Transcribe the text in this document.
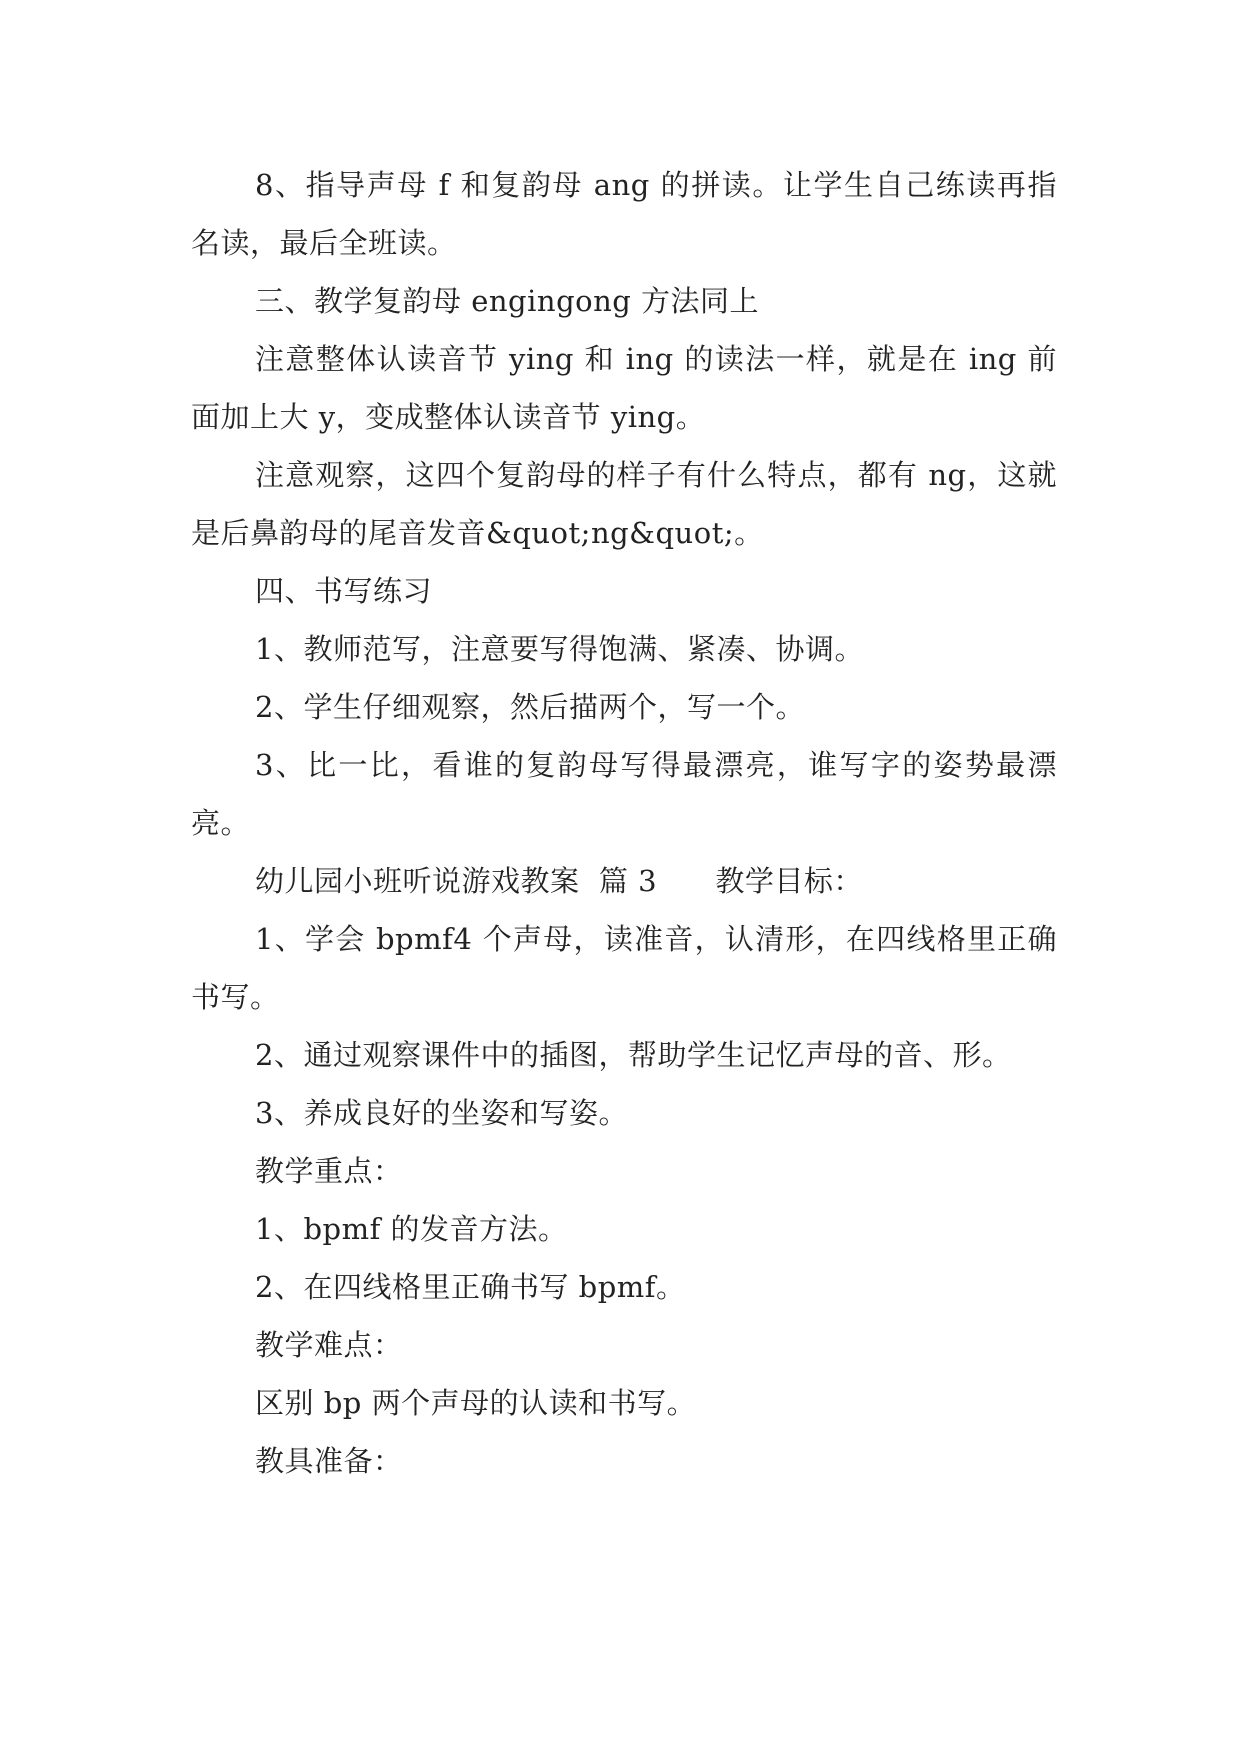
8、指导声母 f 和复韵母 ang 的拼读。让学生自己练读再指名读，最后全班读。

三、教学复韵母 engingong 方法同上

注意整体认读音节 ying 和 ing 的读法一样，就是在 ing 前面加上大 y，变成整体认读音节 ying。

注意观察，这四个复韵母的样子有什么特点，都有 ng，这就是后鼻韵母的尾音发音&quot;ng&quot;。

四、书写练习

1、教师范写，注意要写得饱满、紧凑、协调。

2、学生仔细观察，然后描两个，写一个。

3、比一比，看谁的复韵母写得最漂亮，谁写字的姿势最漂亮。

幼儿园小班听说游戏教案  篇 3      教学目标：

1、学会 bpmf4 个声母，读准音，认清形，在四线格里正确书写。

2、通过观察课件中的插图，帮助学生记忆声母的音、形。

3、养成良好的坐姿和写姿。

教学重点：

1、bpmf 的发音方法。

2、在四线格里正确书写 bpmf。

教学难点：

区别 bp 两个声母的认读和书写。

教具准备：
